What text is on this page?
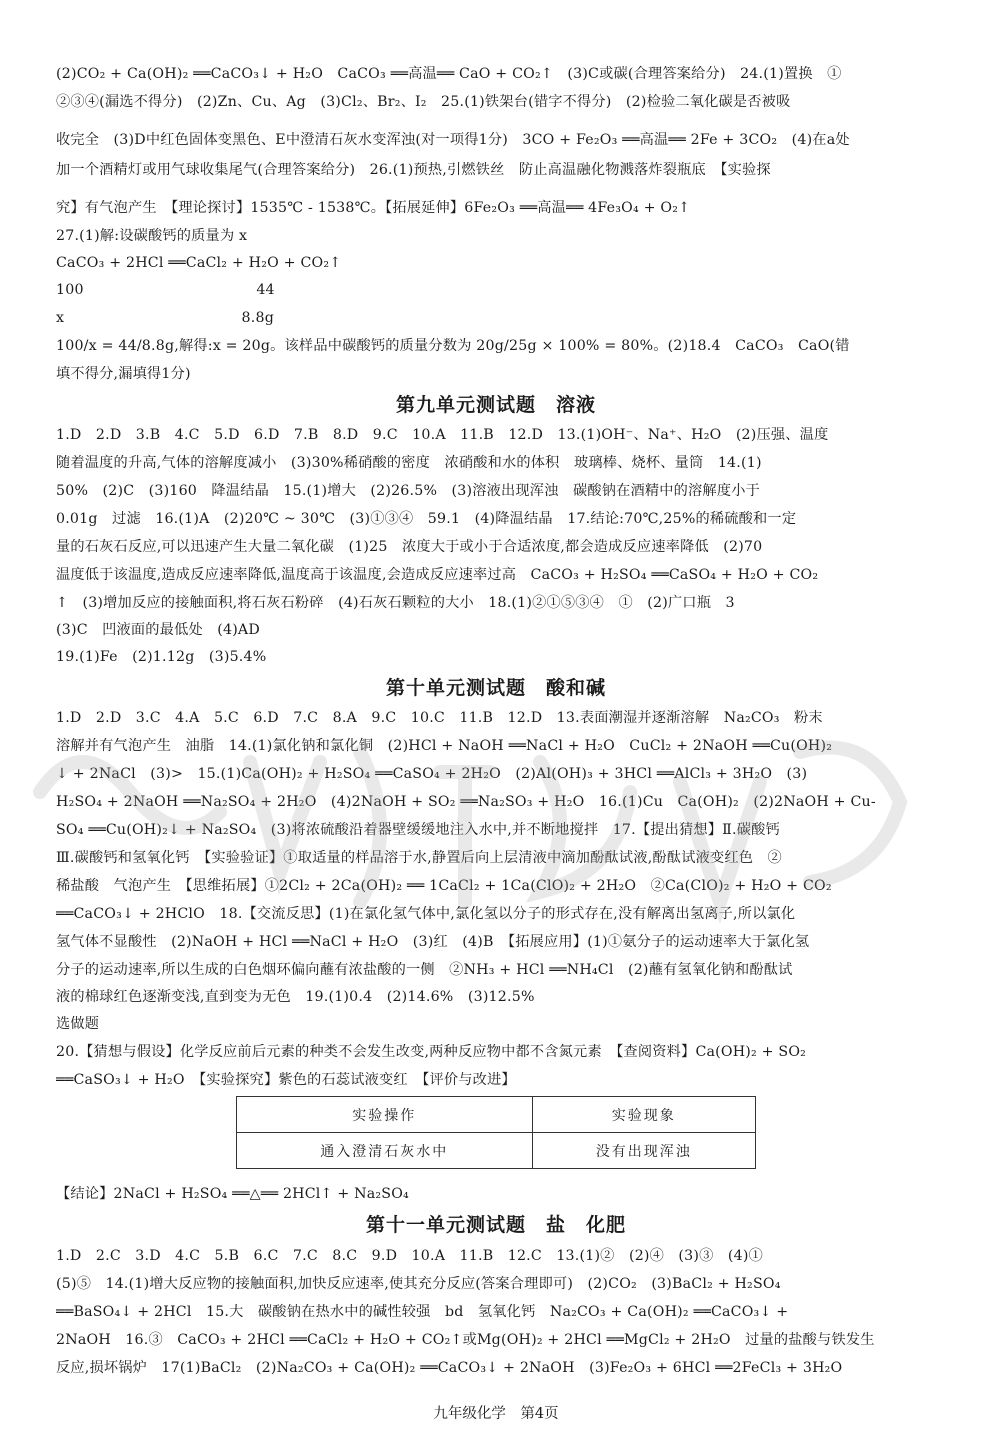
(2)CO₂ + Ca(OH)₂ ══CaCO₃↓ + H₂O　CaCO₃ ══高温══ CaO + CO₂↑　(3)C或碳(合理答案给分)　24.(1)置换　①
②③④(漏选不得分)　(2)Zn、Cu、Ag　(3)Cl₂、Br₂、I₂　25.(1)铁架台(错字不得分)　(2)检验二氧化碳是否被吸
收完全　(3)D中红色固体变黑色、E中澄清石灰水变浑浊(对一项得1分)　3CO + Fe₂O₃ ══高温══ 2Fe + 3CO₂　(4)在a处
加一个酒精灯或用气球收集尾气(合理答案给分)　26.(1)预热,引燃铁丝　防止高温融化物溅落炸裂瓶底　【实验探
究】有气泡产生　【理论探讨】1535℃ - 1538℃。【拓展延伸】6Fe₂O₃ ══高温══ 4Fe₃O₄ + O₂↑
27.(1)解:设碳酸钙的质量为 x
CaCO₃ + 2HCl ══CaCl₂ + H₂O + CO₂↑
100　　　　　　　　　　　　44
x　　　　　　　　　　　　 8.8g
100/x = 44/8.8g,解得:x = 20g。该样品中碳酸钙的质量分数为 20g/25g × 100% = 80%。(2)18.4　CaCO₃　CaO(错
填不得分,漏填得1分)
第九单元测试题　溶液
1.D　2.D　3.B　4.C　5.D　6.D　7.B　8.D　9.C　10.A　11.B　12.D　13.(1)OH⁻、Na⁺、H₂O　(2)压强、温度
随着温度的升高,气体的溶解度减小　(3)30%稀硝酸的密度　浓硝酸和水的体积　玻璃棒、烧杯、量筒　14.(1)
50%　(2)C　(3)160　降温结晶　15.(1)增大　(2)26.5%　(3)溶液出现浑浊　碳酸钠在酒精中的溶解度小于
0.01g　过滤　16.(1)A　(2)20℃ ~ 30℃　(3)①③④　59.1　(4)降温结晶　17.结论:70℃,25%的稀硫酸和一定
量的石灰石反应,可以迅速产生大量二氧化碳　(1)25　浓度大于或小于合适浓度,都会造成反应速率降低　(2)70
温度低于该温度,造成反应速率降低,温度高于该温度,会造成反应速率过高　CaCO₃ + H₂SO₄ ══CaSO₄ + H₂O + CO₂
↑　(3)增加反应的接触面积,将石灰石粉碎　(4)石灰石颗粒的大小　18.(1)②①⑤③④　①　(2)广口瓶　3
(3)C　凹液面的最低处　(4)AD
19.(1)Fe　(2)1.12g　(3)5.4%
第十单元测试题　酸和碱
1.D　2.D　3.C　4.A　5.C　6.D　7.C　8.A　9.C　10.C　11.B　12.D　13.表面潮湿并逐渐溶解　Na₂CO₃　粉末
溶解并有气泡产生　油脂　14.(1)氯化钠和氯化铜　(2)HCl + NaOH ══NaCl + H₂O　CuCl₂ + 2NaOH ══Cu(OH)₂
↓ + 2NaCl　(3)>　15.(1)Ca(OH)₂ + H₂SO₄ ══CaSO₄ + 2H₂O　(2)Al(OH)₃ + 3HCl ══AlCl₃ + 3H₂O　(3)
H₂SO₄ + 2NaOH ══Na₂SO₄ + 2H₂O　(4)2NaOH + SO₂ ══Na₂SO₃ + H₂O　16.(1)Cu　Ca(OH)₂　(2)2NaOH + Cu-
SO₄ ══Cu(OH)₂↓ + Na₂SO₄　(3)将浓硫酸沿着器壁缓缓地注入水中,并不断地搅拌　17.【提出猜想】Ⅱ.碳酸钙
Ⅲ.碳酸钙和氢氧化钙　【实验验证】①取适量的样品溶于水,静置后向上层清液中滴加酚酞试液,酚酞试液变红色　②
稀盐酸　气泡产生　【思维拓展】①2Cl₂ + 2Ca(OH)₂ ══ 1CaCl₂ + 1Ca(ClO)₂ + 2H₂O　②Ca(ClO)₂ + H₂O + CO₂
══CaCO₃↓ + 2HClO　18.【交流反思】(1)在氯化氢气体中,氯化氢以分子的形式存在,没有解离出氢离子,所以氯化
氢气体不显酸性　(2)NaOH + HCl ══NaCl + H₂O　(3)红　(4)B　【拓展应用】(1)①氨分子的运动速率大于氯化氢
分子的运动速率,所以生成的白色烟环偏向蘸有浓盐酸的一侧　②NH₃ + HCl ══NH₄Cl　(2)蘸有氢氧化钠和酚酞试
液的棉球红色逐渐变浅,直到变为无色　19.(1)0.4　(2)14.6%　(3)12.5%
选做题
20.【猜想与假设】化学反应前后元素的种类不会发生改变,两种反应物中都不含氮元素　【查阅资料】Ca(OH)₂ + SO₂
══CaSO₃↓ + H₂O　【实验探究】紫色的石蕊试液变红　【评价与改进】
实验操作	实验现象
通入澄清石灰水中	没有出现浑浊
【结论】2NaCl + H₂SO₄ ══△══ 2HCl↑ + Na₂SO₄
第十一单元测试题　盐　化肥
1.D　2.C　3.D　4.C　5.B　6.C　7.C　8.C　9.D　10.A　11.B　12.C　13.(1)②　(2)④　(3)③　(4)①
(5)⑤　14.(1)增大反应物的接触面积,加快反应速率,使其充分反应(答案合理即可)　(2)CO₂　(3)BaCl₂ + H₂SO₄
══BaSO₄↓ + 2HCl　15.大　碳酸钠在热水中的碱性较强　bd　氢氧化钙　Na₂CO₃ + Ca(OH)₂ ══CaCO₃↓ +
2NaOH　16.③　CaCO₃ + 2HCl ══CaCl₂ + H₂O + CO₂↑或Mg(OH)₂ + 2HCl ══MgCl₂ + 2H₂O　过量的盐酸与铁发生
反应,损坏锅炉　17(1)BaCl₂　(2)Na₂CO₃ + Ca(OH)₂ ══CaCO₃↓ + 2NaOH　(3)Fe₂O₃ + 6HCl ══2FeCl₃ + 3H₂O
九年级化学　第4页
